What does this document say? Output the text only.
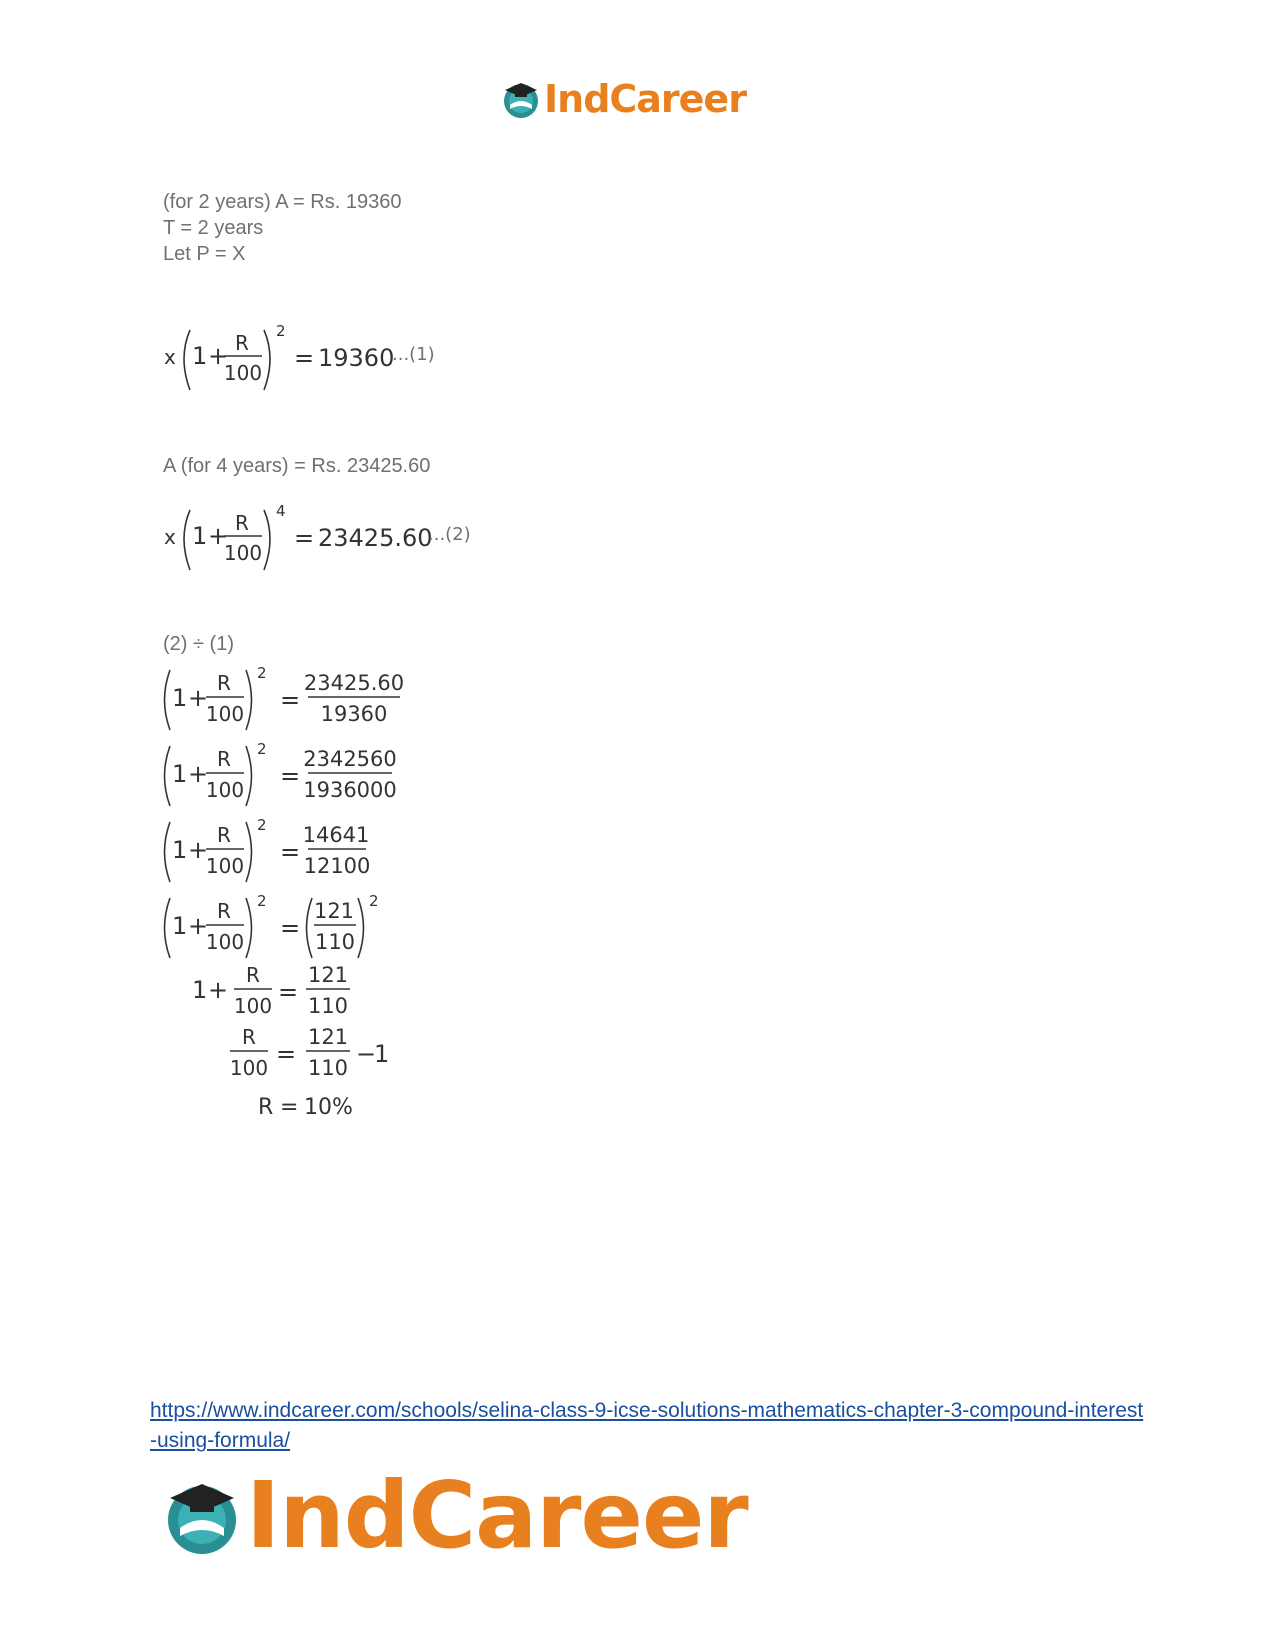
IndCareer
(for 2 years) A = Rs. 19360
T = 2 years
Let P = X
x 1 + R
100
2
= 19360
...(1)
A (for 4 years) = Rs. 23425.60
x 1 + R
100
4
= 23425.60
...(2)
(2) ÷ (1)
1 +
R
100
2
=
23425.60
19360
1 +
R
100
2
=
2342560
1936000
1 +
R
100
2
=
14641
12100
1 +
R
100
2
=
121
110
2
1 +
R
100 =
121
110
R
100 =
121
110 −
1
R = 10%
https://www.indcareer.com/schools/selina-class-9-icse-solutions-mathematics-chapter-3-compound-interest-using-formula/
IndCareer
